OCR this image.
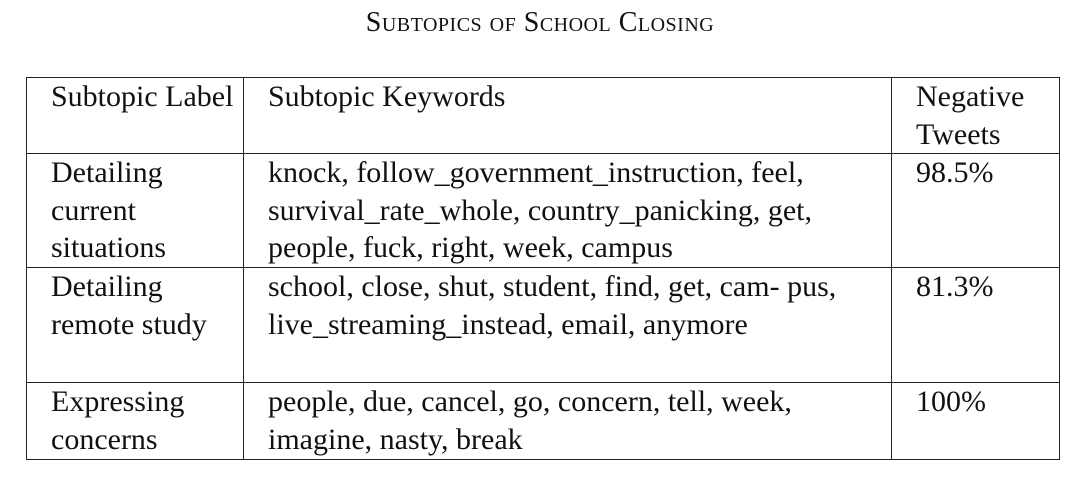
Subtopics of School Closing
Subtopic Label	Subtopic Keywords	Negative Tweets
Detailing current situations	knock, follow_government_instruction, feel, survival_rate_whole, country_panicking, get, people, fuck, right, week, campus	98.5%
Detailing remote study	school, close, shut, student, find, get, cam- pus, live_streaming_instead, email, anymore	81.3%
Expressing concerns	people, due, cancel, go, concern, tell, week, imagine, nasty, break	100%
